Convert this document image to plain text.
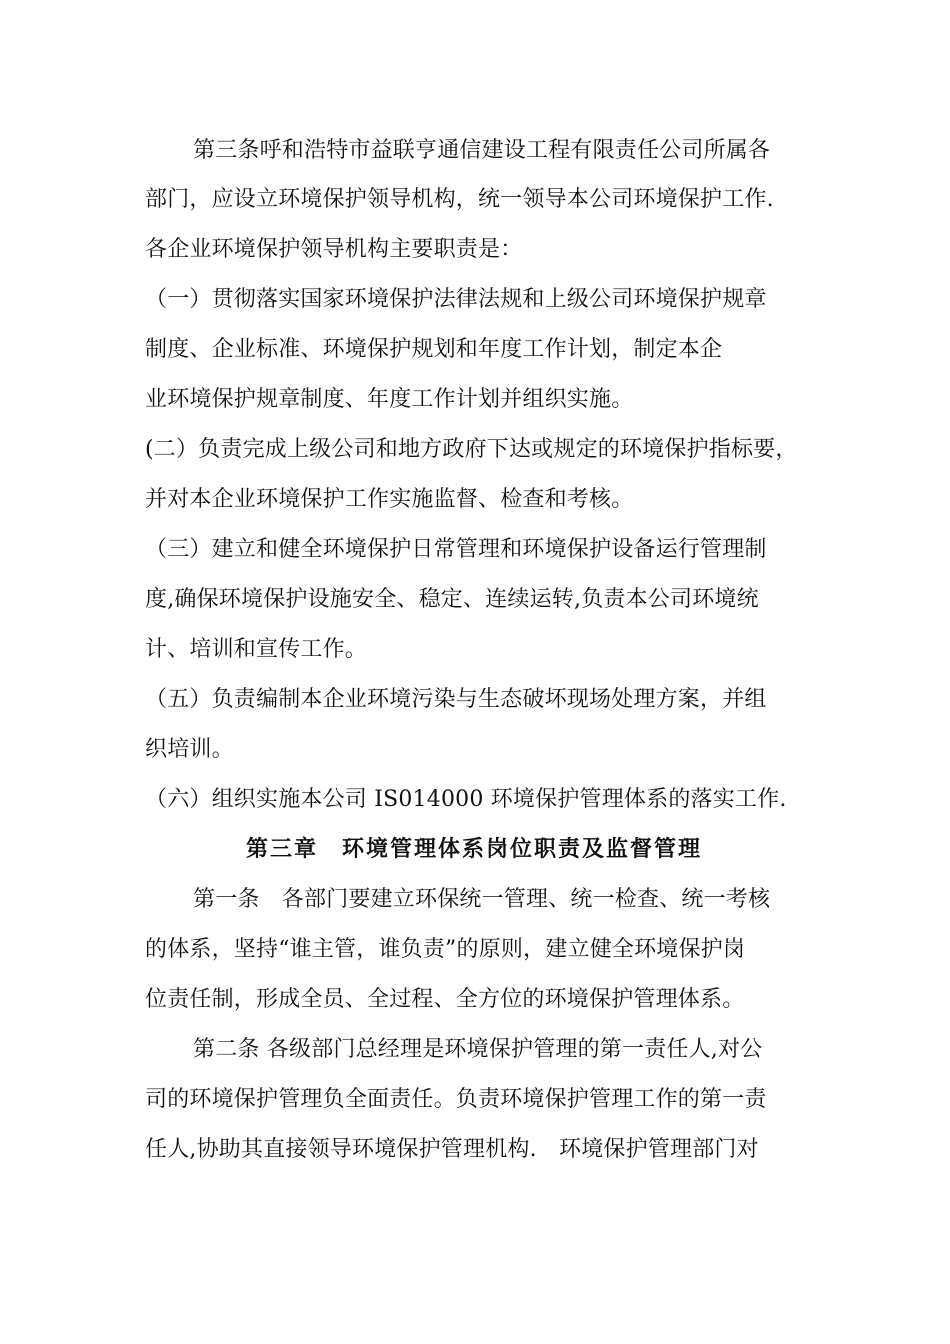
第三条呼和浩特市益联亨通信建设工程有限责任公司所属各
部门，应设立环境保护领导机构，统一领导本公司环境保护工作.
各企业环境保护领导机构主要职责是：
（一）贯彻落实国家环境保护法律法规和上级公司环境保护规章
制度、企业标准、环境保护规划和年度工作计划，制定本企
业环境保护规章制度、年度工作计划并组织实施。
(二）负责完成上级公司和地方政府下达或规定的环境保护指标要，
并对本企业环境保护工作实施监督、检查和考核。
（三）建立和健全环境保护日常管理和环境保护设备运行管理制
度,确保环境保护设施安全、稳定、连续运转,负责本公司环境统
计、培训和宣传工作。
（五）负责编制本企业环境污染与生态破坏现场处理方案，并组
织培训。
（六）组织实施本公司 IS014000 环境保护管理体系的落实工作.
第三章　环境管理体系岗位职责及监督管理
第一条　各部门要建立环保统一管理、统一检查、统一考核
的体系，坚持“谁主管，谁负责”的原则，建立健全环境保护岗
位责任制，形成全员、全过程、全方位的环境保护管理体系。
第二条 各级部门总经理是环境保护管理的第一责任人,对公
司的环境保护管理负全面责任。负责环境保护管理工作的第一责
任人,协助其直接领导环境保护管理机构.　环境保护管理部门对
